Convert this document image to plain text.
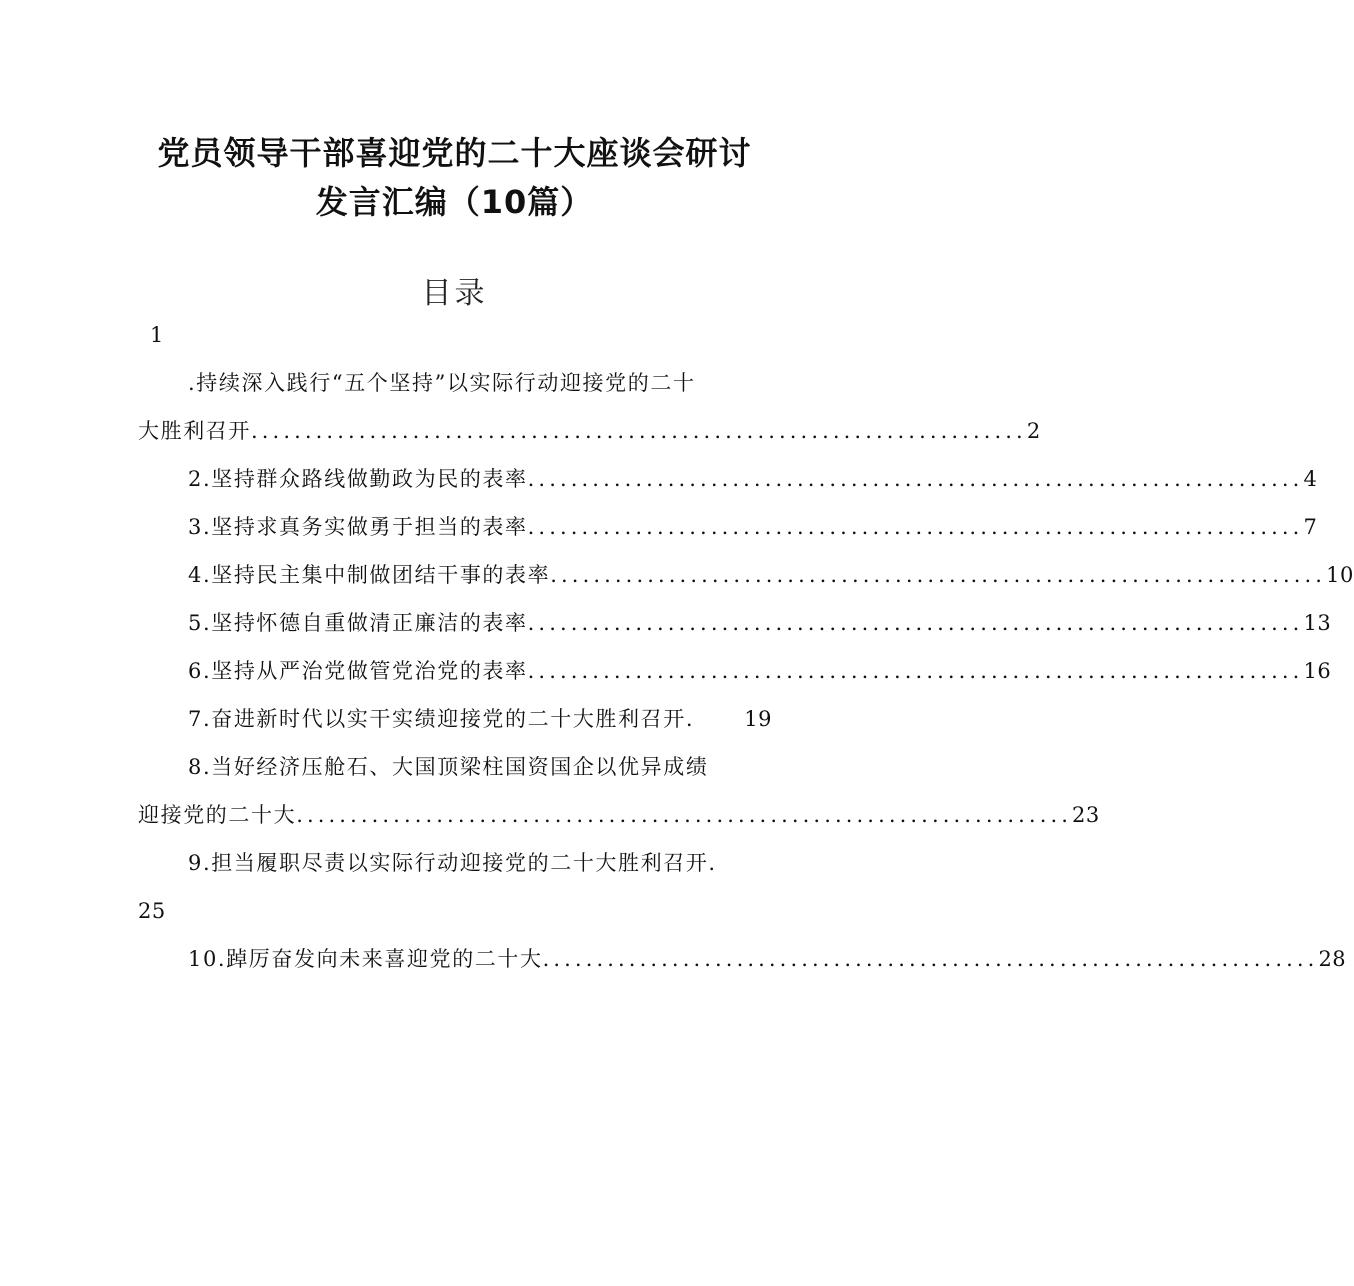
党员领导干部喜迎党的二十大座谈会研讨
发言汇编（10篇）
目录
1
.持续深入践行“五个坚持”以实际行动迎接党的二十
大胜利召开 ........................................................................ 2
2.坚持群众路线做勤政为民的表率 ........................................................................ 4
3.坚持求真务实做勇于担当的表率 ........................................................................ 7
4.坚持民主集中制做团结干事的表率 ........................................................................ 10
5.坚持怀德自重做清正廉洁的表率 ........................................................................ 13
6.坚持从严治党做管党治党的表率 ........................................................................ 16
7.奋进新时代以实干实绩迎接党的二十大胜利召开. 19
8.当好经济压舱石、大国顶梁柱国资国企以优异成绩
迎接党的二十大 ........................................................................ 23
9.担当履职尽责以实际行动迎接党的二十大胜利召开.
25
10.踔厉奋发向未来喜迎党的二十大 ........................................................................ 28
